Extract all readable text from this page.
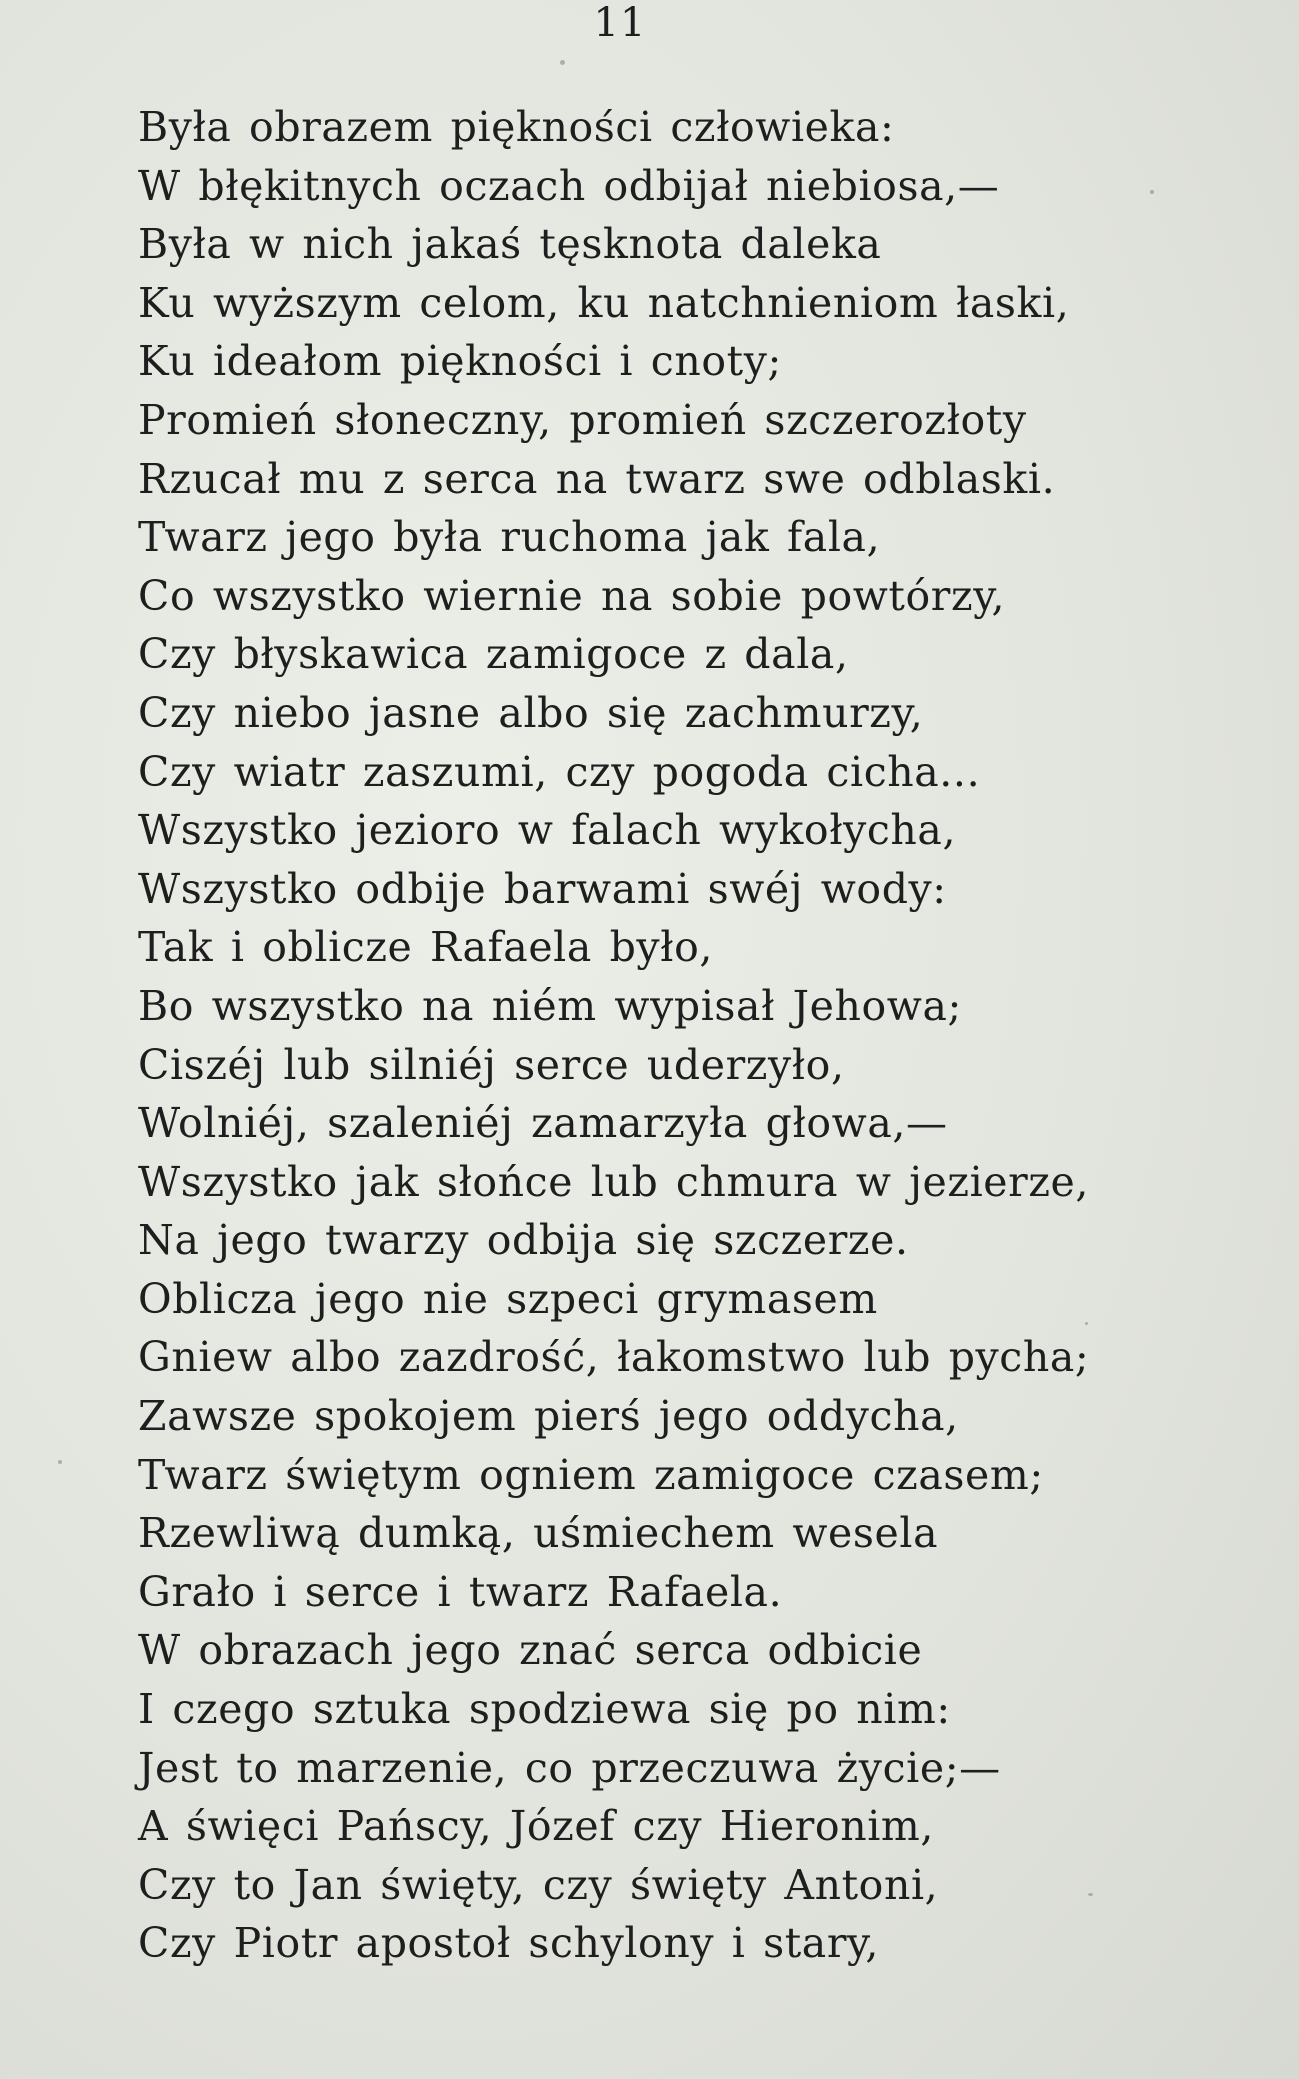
11
Była obrazem piękności człowieka:
W błękitnych oczach odbijał niebiosa,—
Była w nich jakaś tęsknota daleka
Ku wyższym celom, ku natchnieniom łaski,
Ku ideałom piękności i cnoty;
Promień słoneczny, promień szczerozłoty
Rzucał mu z serca na twarz swe odblaski.
Twarz jego była ruchoma jak fala,
Co wszystko wiernie na sobie powtórzy,
Czy błyskawica zamigoce z dala,
Czy niebo jasne albo się zachmurzy,
Czy wiatr zaszumi, czy pogoda cicha...
Wszystko jezioro w falach wykołycha,
Wszystko odbije barwami swéj wody:
Tak i oblicze Rafaela było,
Bo wszystko na niém wypisał Jehowa;
Ciszéj lub silniéj serce uderzyło,
Wolniéj, szaleniéj zamarzyła głowa,—
Wszystko jak słońce lub chmura w jezierze,
Na jego twarzy odbija się szczerze.
Oblicza jego nie szpeci grymasem
Gniew albo zazdrość, łakomstwo lub pycha;
Zawsze spokojem pierś jego oddycha,
Twarz świętym ogniem zamigoce czasem;
Rzewliwą dumką, uśmiechem wesela
Grało i serce i twarz Rafaela.
W obrazach jego znać serca odbicie
I czego sztuka spodziewa się po nim:
Jest to marzenie, co przeczuwa życie;—
A święci Pańscy, Józef czy Hieronim,
Czy to Jan święty, czy święty Antoni,
Czy Piotr apostoł schylony i stary,
